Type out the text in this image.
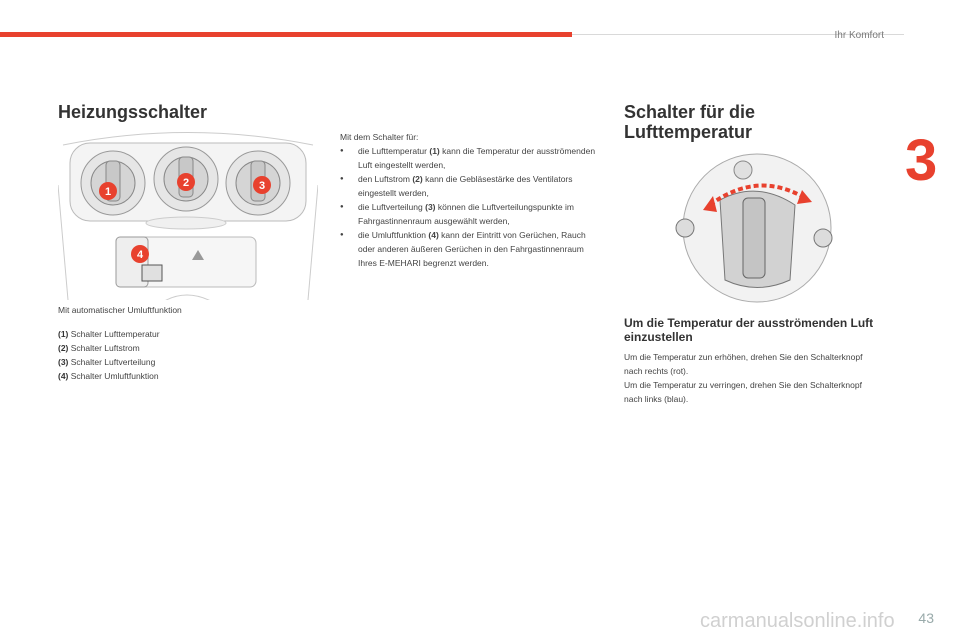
Ihr Komfort
3
Heizungsschalter
1
2	3
4
Mit automatischer Umluftfunktion
(1) Schalter Lufttemperatur
(2) Schalter Luftstrom
(3) Schalter Luftverteilung
(4) Schalter Umluftfunktion
Mit dem Schalter für:
● die Lufttemperatur (1) kann die Temperatur der ausströmenden Luft eingestellt werden,
● den Luftstrom (2) kann die Gebläsestärke des Ventilators eingestellt werden,
● die Luftverteilung (3) können die Luftverteilungspunkte im Fahrgastinnenraum ausgewählt werden,
● die Umluftfunktion (4) kann der Eintritt von Gerüchen, Rauch oder anderen äußeren Gerüchen in den Fahrgastinnenraum Ihres E-MEHARI begrenzt werden.
Schalter für die Lufttemperatur
Um die Temperatur der ausströmenden Luft einzustellen

Um die Temperatur zun erhöhen, drehen Sie den Schalterknopf nach rechts (rot).

Um die Temperatur zu verringen, drehen Sie den Schalterknopf nach links (blau).

carmanualsonline.info 43
